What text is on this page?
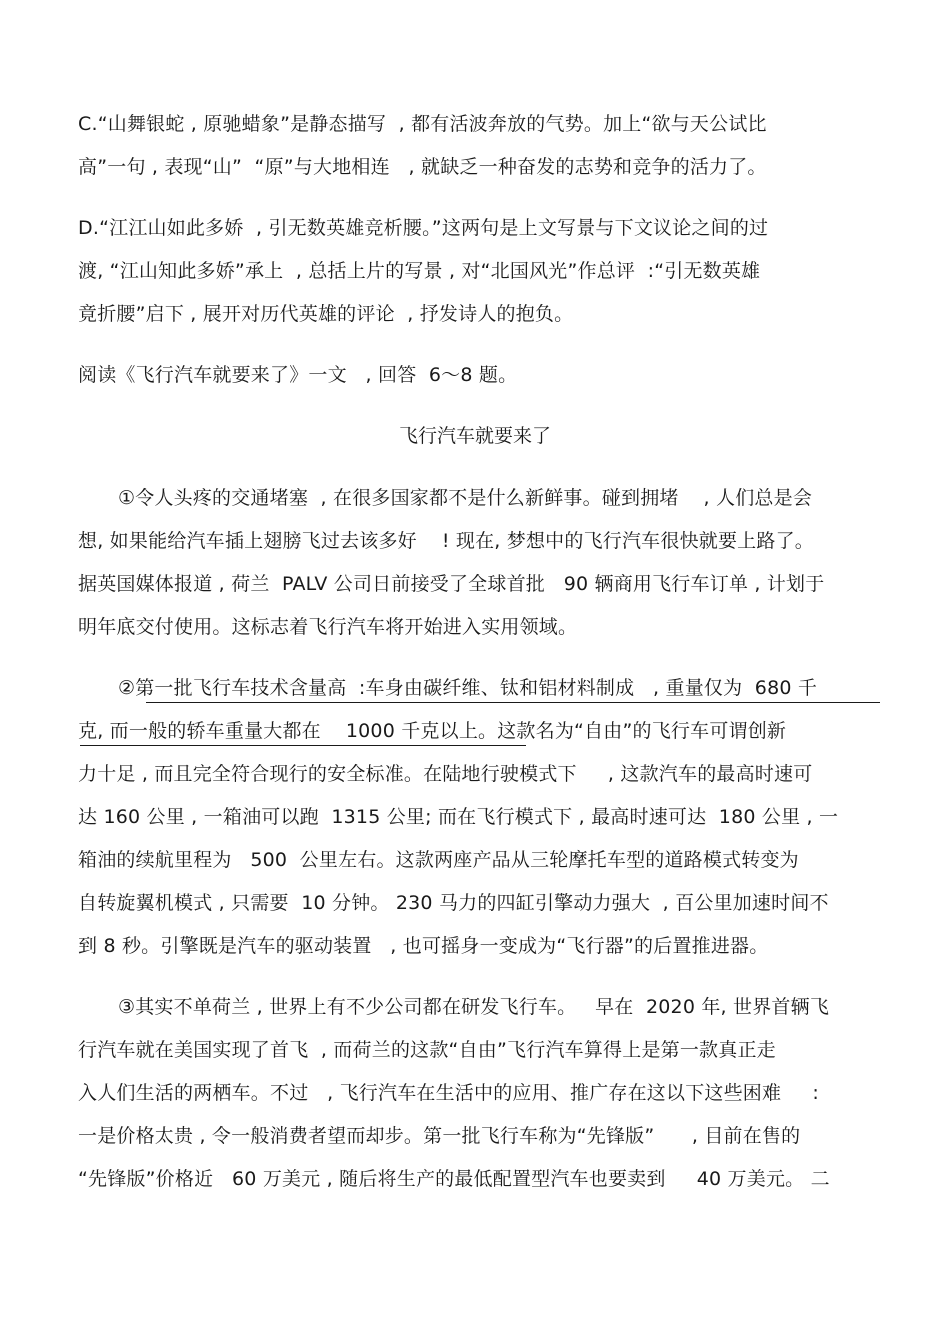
C.“山舞银蛇 , 原驰蜡象”是静态描写  , 都有活波奔放的气势。加上“欲与天公试比
高”一句 , 表现“山”  “原”与大地相连   , 就缺乏一种奋发的志势和竞争的活力了。
D.“江江山如此多娇  , 引无数英雄竞析腰。”这两句是上文写景与下文议论之间的过
渡, “江山知此多娇”承上  , 总括上片的写景 , 对“北国风光”作总评  :“引无数英雄
竟折腰”启下 , 展开对历代英雄的评论  , 抒发诗人的抱负。
阅读《飞行汽车就要来了》一文   , 回答  6～8 题。
飞行汽车就要来了
①令人头疼的交通堵塞  , 在很多国家都不是什么新鲜事。碰到拥堵    , 人们总是会
想, 如果能给汽车插上翅膀飞过去该多好    ! 现在, 梦想中的飞行汽车很快就要上路了。
据英国媒体报道 , 荷兰  PALV 公司日前接受了全球首批   90 辆商用飞行车订单 , 计划于
明年底交付使用。这标志着飞行汽车将开始进入实用领域。
②第一批飞行车技术含量高  :车身由碳纤维、钛和铝材料制成   , 重量仅为  680 千
克, 而一般的轿车重量大都在    1000 千克以上。这款名为“自由”的飞行车可谓创新
力十足 , 而且完全符合现行的安全标准。在陆地行驶模式下     , 这款汽车的最高时速可
达 160 公里 , 一箱油可以跑  1315 公里; 而在飞行模式下 , 最高时速可达  180 公里 , 一
箱油的续航里程为   500  公里左右。这款两座产品从三轮摩托车型的道路模式转变为
自转旋翼机模式 , 只需要  10 分钟。 230 马力的四缸引擎动力强大  , 百公里加速时间不
到 8 秒。引擎既是汽车的驱动装置   , 也可摇身一变成为“飞行器”的后置推进器。
③其实不单荷兰 , 世界上有不少公司都在研发飞行车。   早在  2020 年, 世界首辆飞
行汽车就在美国实现了首飞  , 而荷兰的这款“自由”飞行汽车算得上是第一款真正走
入人们生活的两栖车。不过   , 飞行汽车在生活中的应用、推广存在这以下这些困难     :
一是价格太贵 , 令一般消费者望而却步。第一批飞行车称为“先锋版”      , 目前在售的
“先锋版”价格近   60 万美元 , 随后将生产的最低配置型汽车也要卖到     40 万美元。 二
